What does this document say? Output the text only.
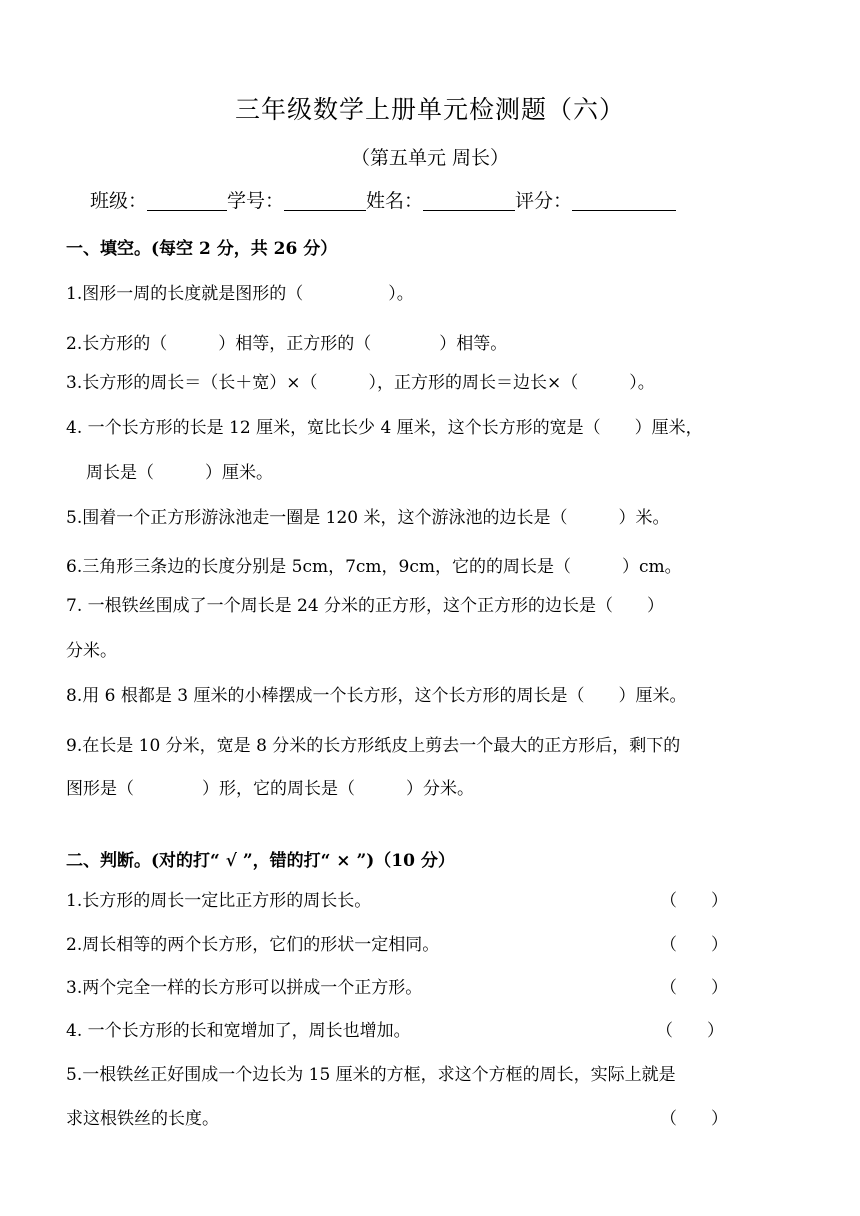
三年级数学上册单元检测题（六）
（第五单元 周长）
班级：	学号：	姓名：	评分：
一、填空。(每空 2 分，共 26 分）
1.图形一周的长度就是图形的（　　　　　）。
2.长方形的（　　　）相等，正方形的（　　　　）相等。
3.长方形的周长＝（长＋宽）×（　　　），正方形的周长＝边长×（　　　）。
4. 一个长方形的长是 12 厘米，宽比长少 4 厘米，这个长方形的宽是（　　）厘米，
周长是（　　　）厘米。
5.围着一个正方形游泳池走一圈是 120 米，这个游泳池的边长是（　　　）米。
6.三角形三条边的长度分别是 5cm，7cm，9cm，它的的周长是（　　　）cm。
7. 一根铁丝围成了一个周长是 24 分米的正方形，这个正方形的边长是（　　）
分米。
8.用 6 根都是 3 厘米的小棒摆成一个长方形，这个长方形的周长是（　　）厘米。
9.在长是 10 分米，宽是 8 分米的长方形纸皮上剪去一个最大的正方形后，剩下的
图形是（　　　　）形，它的周长是（　　　）分米。
二、判断。(对的打“ √ ”，错的打“ × ”)（10 分）
1.长方形的周长一定比正方形的周长长。	（　　）
2.周长相等的两个长方形，它们的形状一定相同。	（　　）
3.两个完全一样的长方形可以拼成一个正方形。	（　　）
4. 一个长方形的长和宽增加了，周长也增加。	（　　）
5.一根铁丝正好围成一个边长为 15 厘米的方框，求这个方框的周长，实际上就是
求这根铁丝的长度。	（　　）
